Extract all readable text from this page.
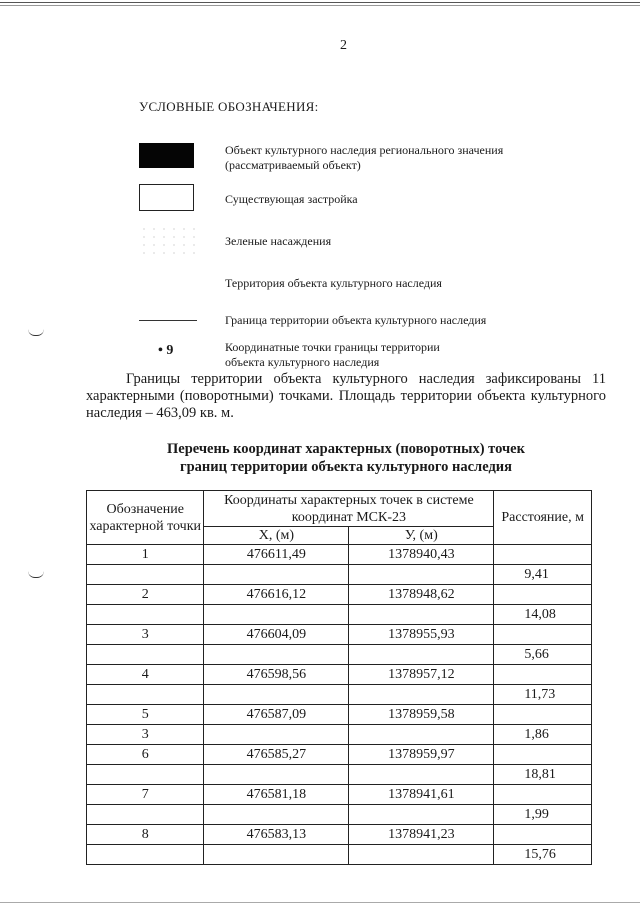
2
УСЛОВНЫЕ ОБОЗНАЧЕНИЯ:
Объект культурного наследия регионального значения
(рассматриваемый объект)
Существующая застройка
Зеленые насаждения
Территория объекта культурного наследия
Граница территории объекта культурного наследия
• 9	Координатные точки границы территории
объекта культурного наследия
Границы территории объекта культурного наследия зафиксированы 11 характерными (поворотными) точками. Площадь территории объекта культурного наследия – 463,09 кв. м.
Перечень координат характерных (поворотных) точек
границ территории объекта культурного наследия
Обозначение характерной точки	Координаты характерных точек в системе координат МСК-23		Расстояние, м
	X, (м)	У, (м)	
1	476611,49	1378940,43	
			9,41
2	476616,12	1378948,62	
			14,08
3	476604,09	1378955,93	
			5,66
4	476598,56	1378957,12	
			11,73
5	476587,09	1378959,58	
3			1,86
6	476585,27	1378959,97	
			18,81
7	476581,18	1378941,61	
			1,99
8	476583,13	1378941,23	
			15,76
